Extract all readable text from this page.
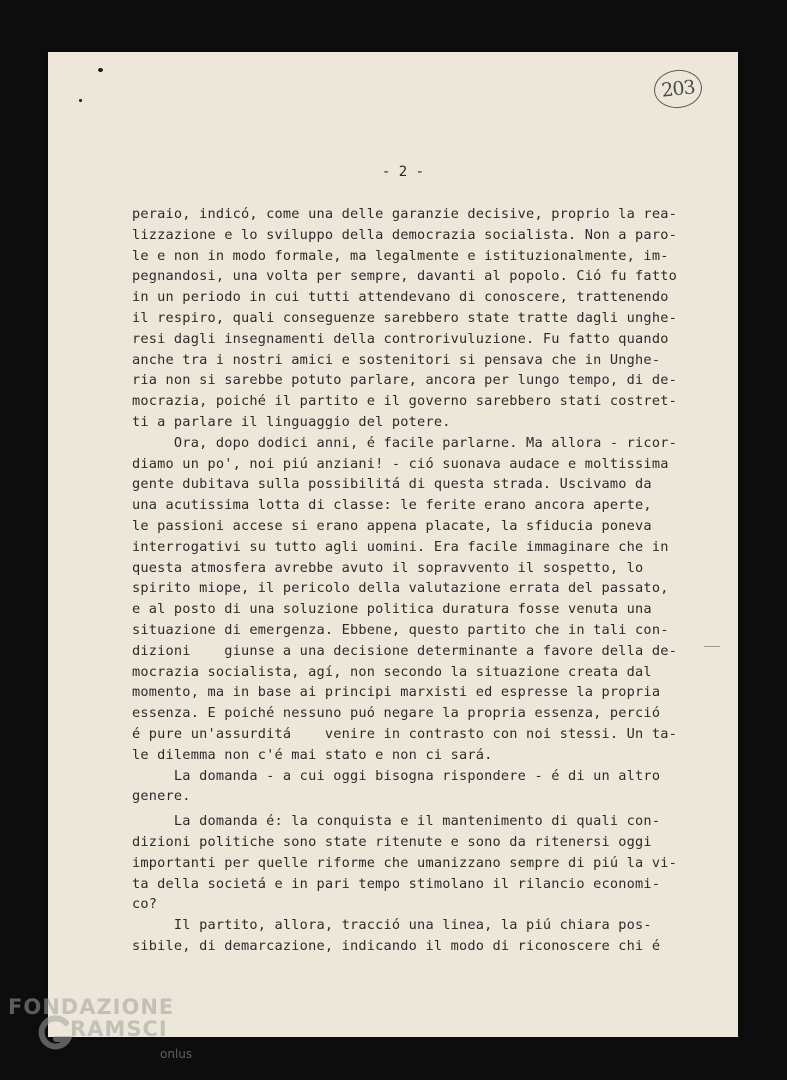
203
- 2 -
peraio, indicó, come una delle garanzie decisive, proprio la rea-
lizzazione e lo sviluppo della democrazia socialista. Non a paro-
le e non in modo formale, ma legalmente e istituzionalmente, im-
pegnandosi, una volta per sempre, davanti al popolo. Ció fu fatto
in un periodo in cui tutti attendevano di conoscere, trattenendo
il respiro, quali conseguenze sarebbero state tratte dagli unghe-
resi dagli insegnamenti della controrivuluzione. Fu fatto quando
anche tra i nostri amici e sostenitori si pensava che in Unghe-
ria non si sarebbe potuto parlare, ancora per lungo tempo, di de-
mocrazia, poiché il partito e il governo sarebbero stati costret-
ti a parlare il linguaggio del potere.
Ora, dopo dodici anni, é facile parlarne. Ma allora - ricor-
diamo un po', noi piú anziani! - ció suonava audace e moltissima
gente dubitava sulla possibilitá di questa strada. Uscivamo da
una acutissima lotta di classe: le ferite erano ancora aperte,
le passioni accese si erano appena placate, la sfiducia poneva
interrogativi su tutto agli uomini. Era facile immaginare che in
questa atmosfera avrebbe avuto il sopravvento il sospetto, lo
spirito miope, il pericolo della valutazione errata del passato,
e al posto di una soluzione politica duratura fosse venuta una
situazione di emergenza. Ebbene, questo partito che in tali con-
dizioni    giunse a una decisione determinante a favore della de-
mocrazia socialista, agí, non secondo la situazione creata dal
momento, ma in base ai principi marxisti ed espresse la propria
essenza. E poiché nessuno puó negare la propria essenza, perció
é pure un'assurditá    venire in contrasto con noi stessi. Un ta-
le dilemma non c'é mai stato e non ci sará.
La domanda - a cui oggi bisogna rispondere - é di un altro
genere.
La domanda é: la conquista e il mantenimento di quali con-
dizioni politiche sono state ritenute e sono da ritenersi oggi
importanti per quelle riforme che umanizzano sempre di piú la vi-
ta della societá e in pari tempo stimolano il rilancio economi-
co?
Il partito, allora, tracció una linea, la piú chiara pos-
sibile, di demarcazione, indicando il modo di riconoscere chi é
FONDAZIONE
RAMSCI
onlus
